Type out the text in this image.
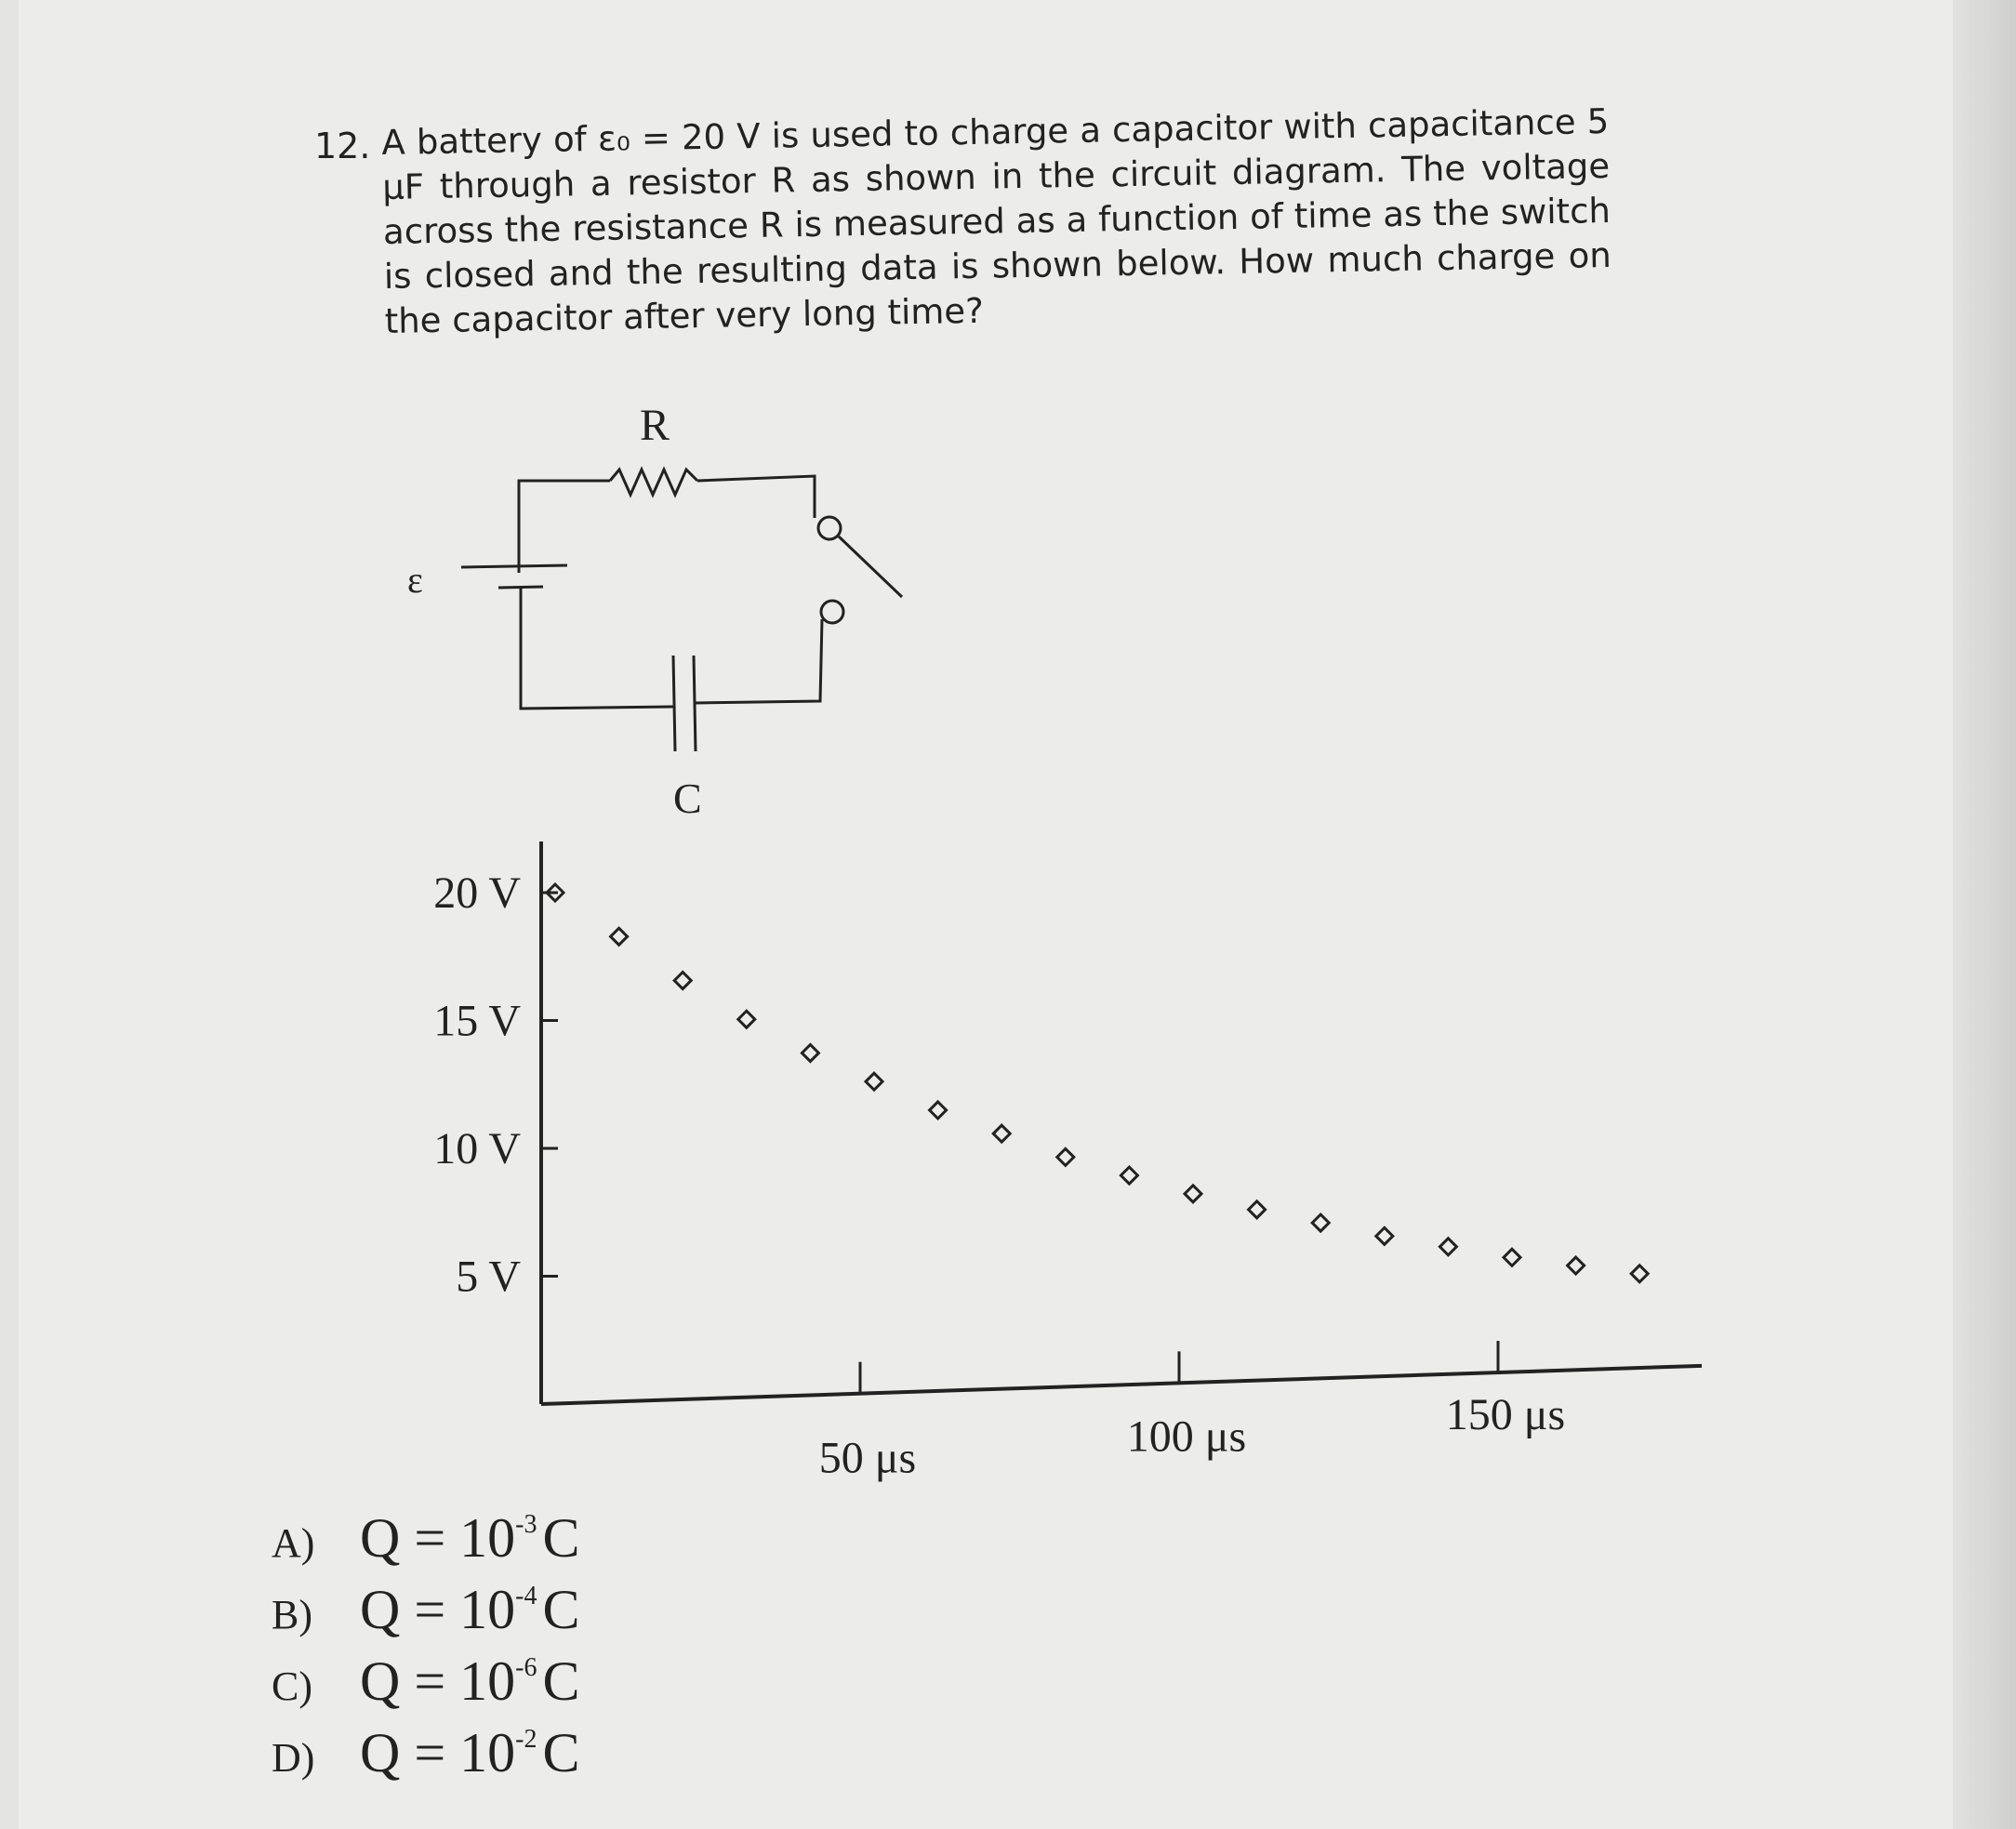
12. A battery of ε₀ = 20 V is used to charge a capacitor with capacitance 5 μF through a resistor R as shown in the circuit diagram. The voltage across the resistance R is measured as a function of time as the switch is closed and the resulting data is shown below. How much charge on the capacitor after very long time?
R
ε
C
20 V
15 V
10 V
5 V
50 μs	100 μs	150 μs
A) $Q = 10^{-3}$ C
B) $Q = 10^{-4}$ C
C) $Q = 10^{-6}$ C
D) $Q = 10^{-2}$ C
